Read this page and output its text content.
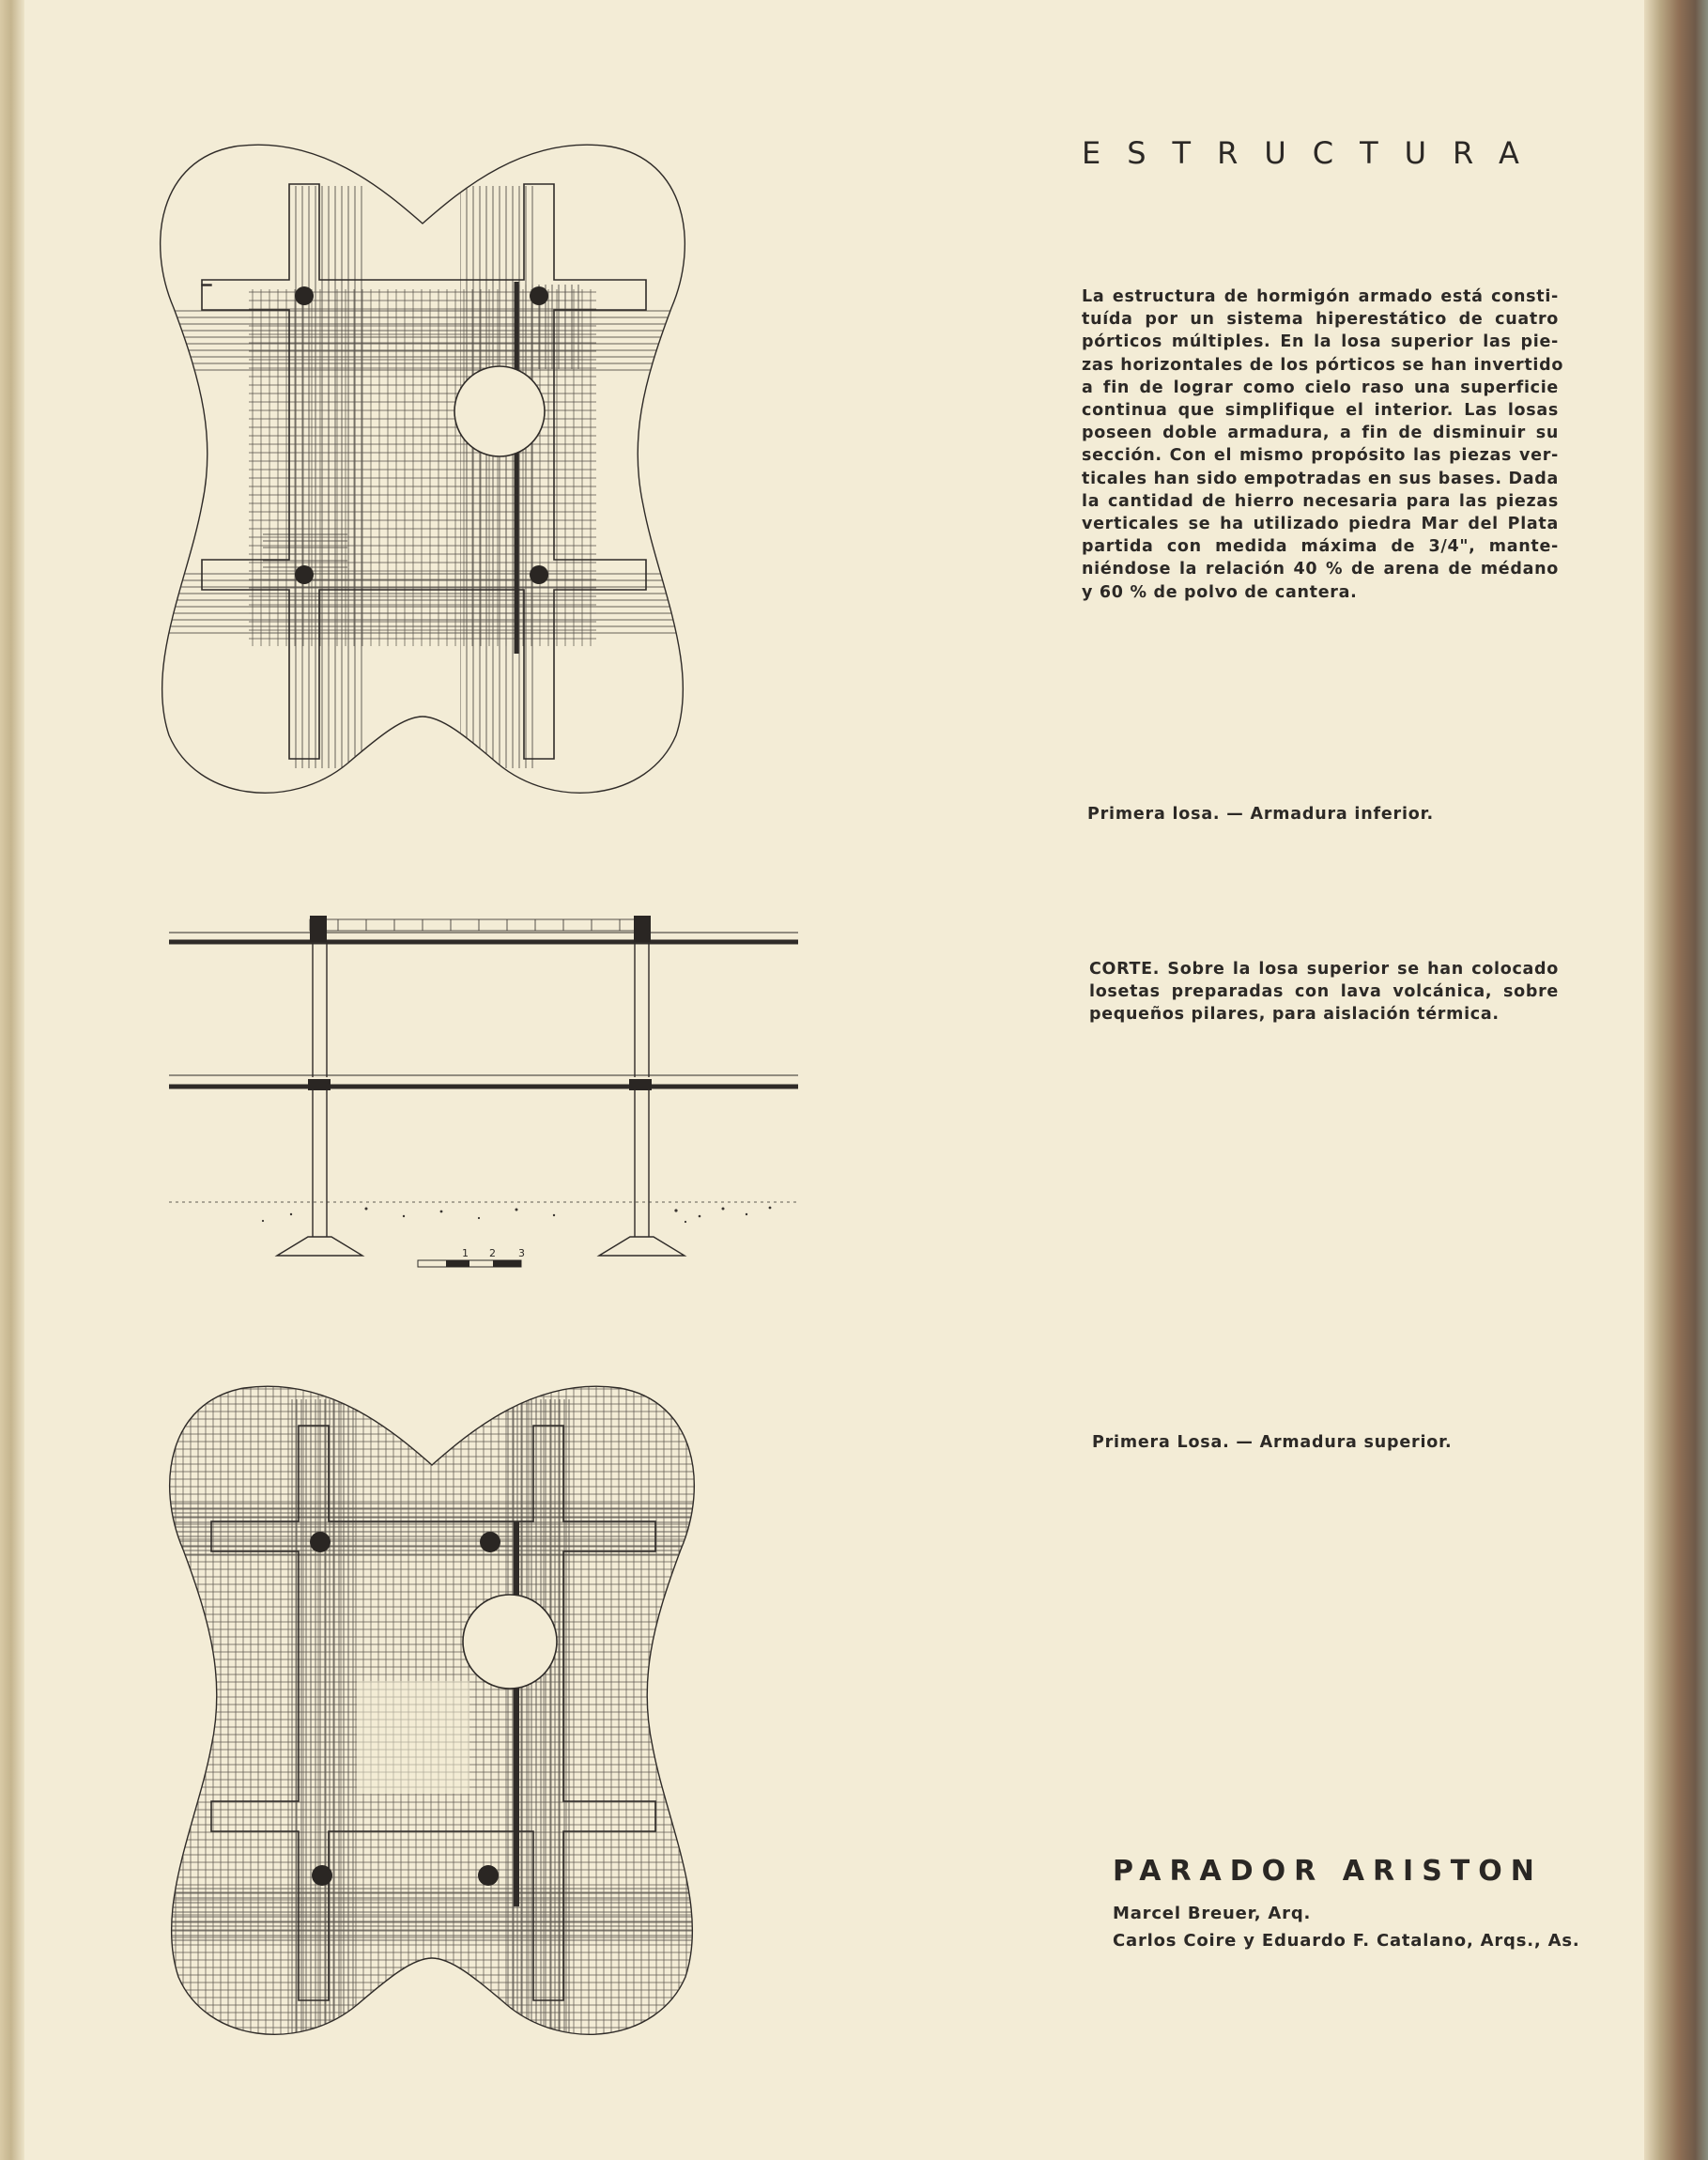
1 2 3
ESTRUCTURA
La estructura de hormigón armado está consti-
tuída por un sistema hiperestático de cuatro
pórticos múltiples. En la losa superior las pie-
zas horizontales de los pórticos se han invertido
a fin de lograr como cielo raso una superficie
continua que simplifique el interior. Las losas
poseen doble armadura, a fin de disminuir su
sección. Con el mismo propósito las piezas ver-
ticales han sido empotradas en sus bases. Dada
la cantidad de hierro necesaria para las piezas
verticales se ha utilizado piedra Mar del Plata
partida con medida máxima de 3/4", mante-
niéndose la relación 40 % de arena de médano
y 60 % de polvo de cantera.
Primera losa. — Armadura inferior.
CORTE. Sobre la losa superior se han colocado
losetas preparadas con lava volcánica, sobre
pequeños pilares, para aislación térmica.
Primera Losa. — Armadura superior.
PARADOR ARISTON
Marcel Breuer, Arq.
Carlos Coire y Eduardo F. Catalano, Arqs., As.
